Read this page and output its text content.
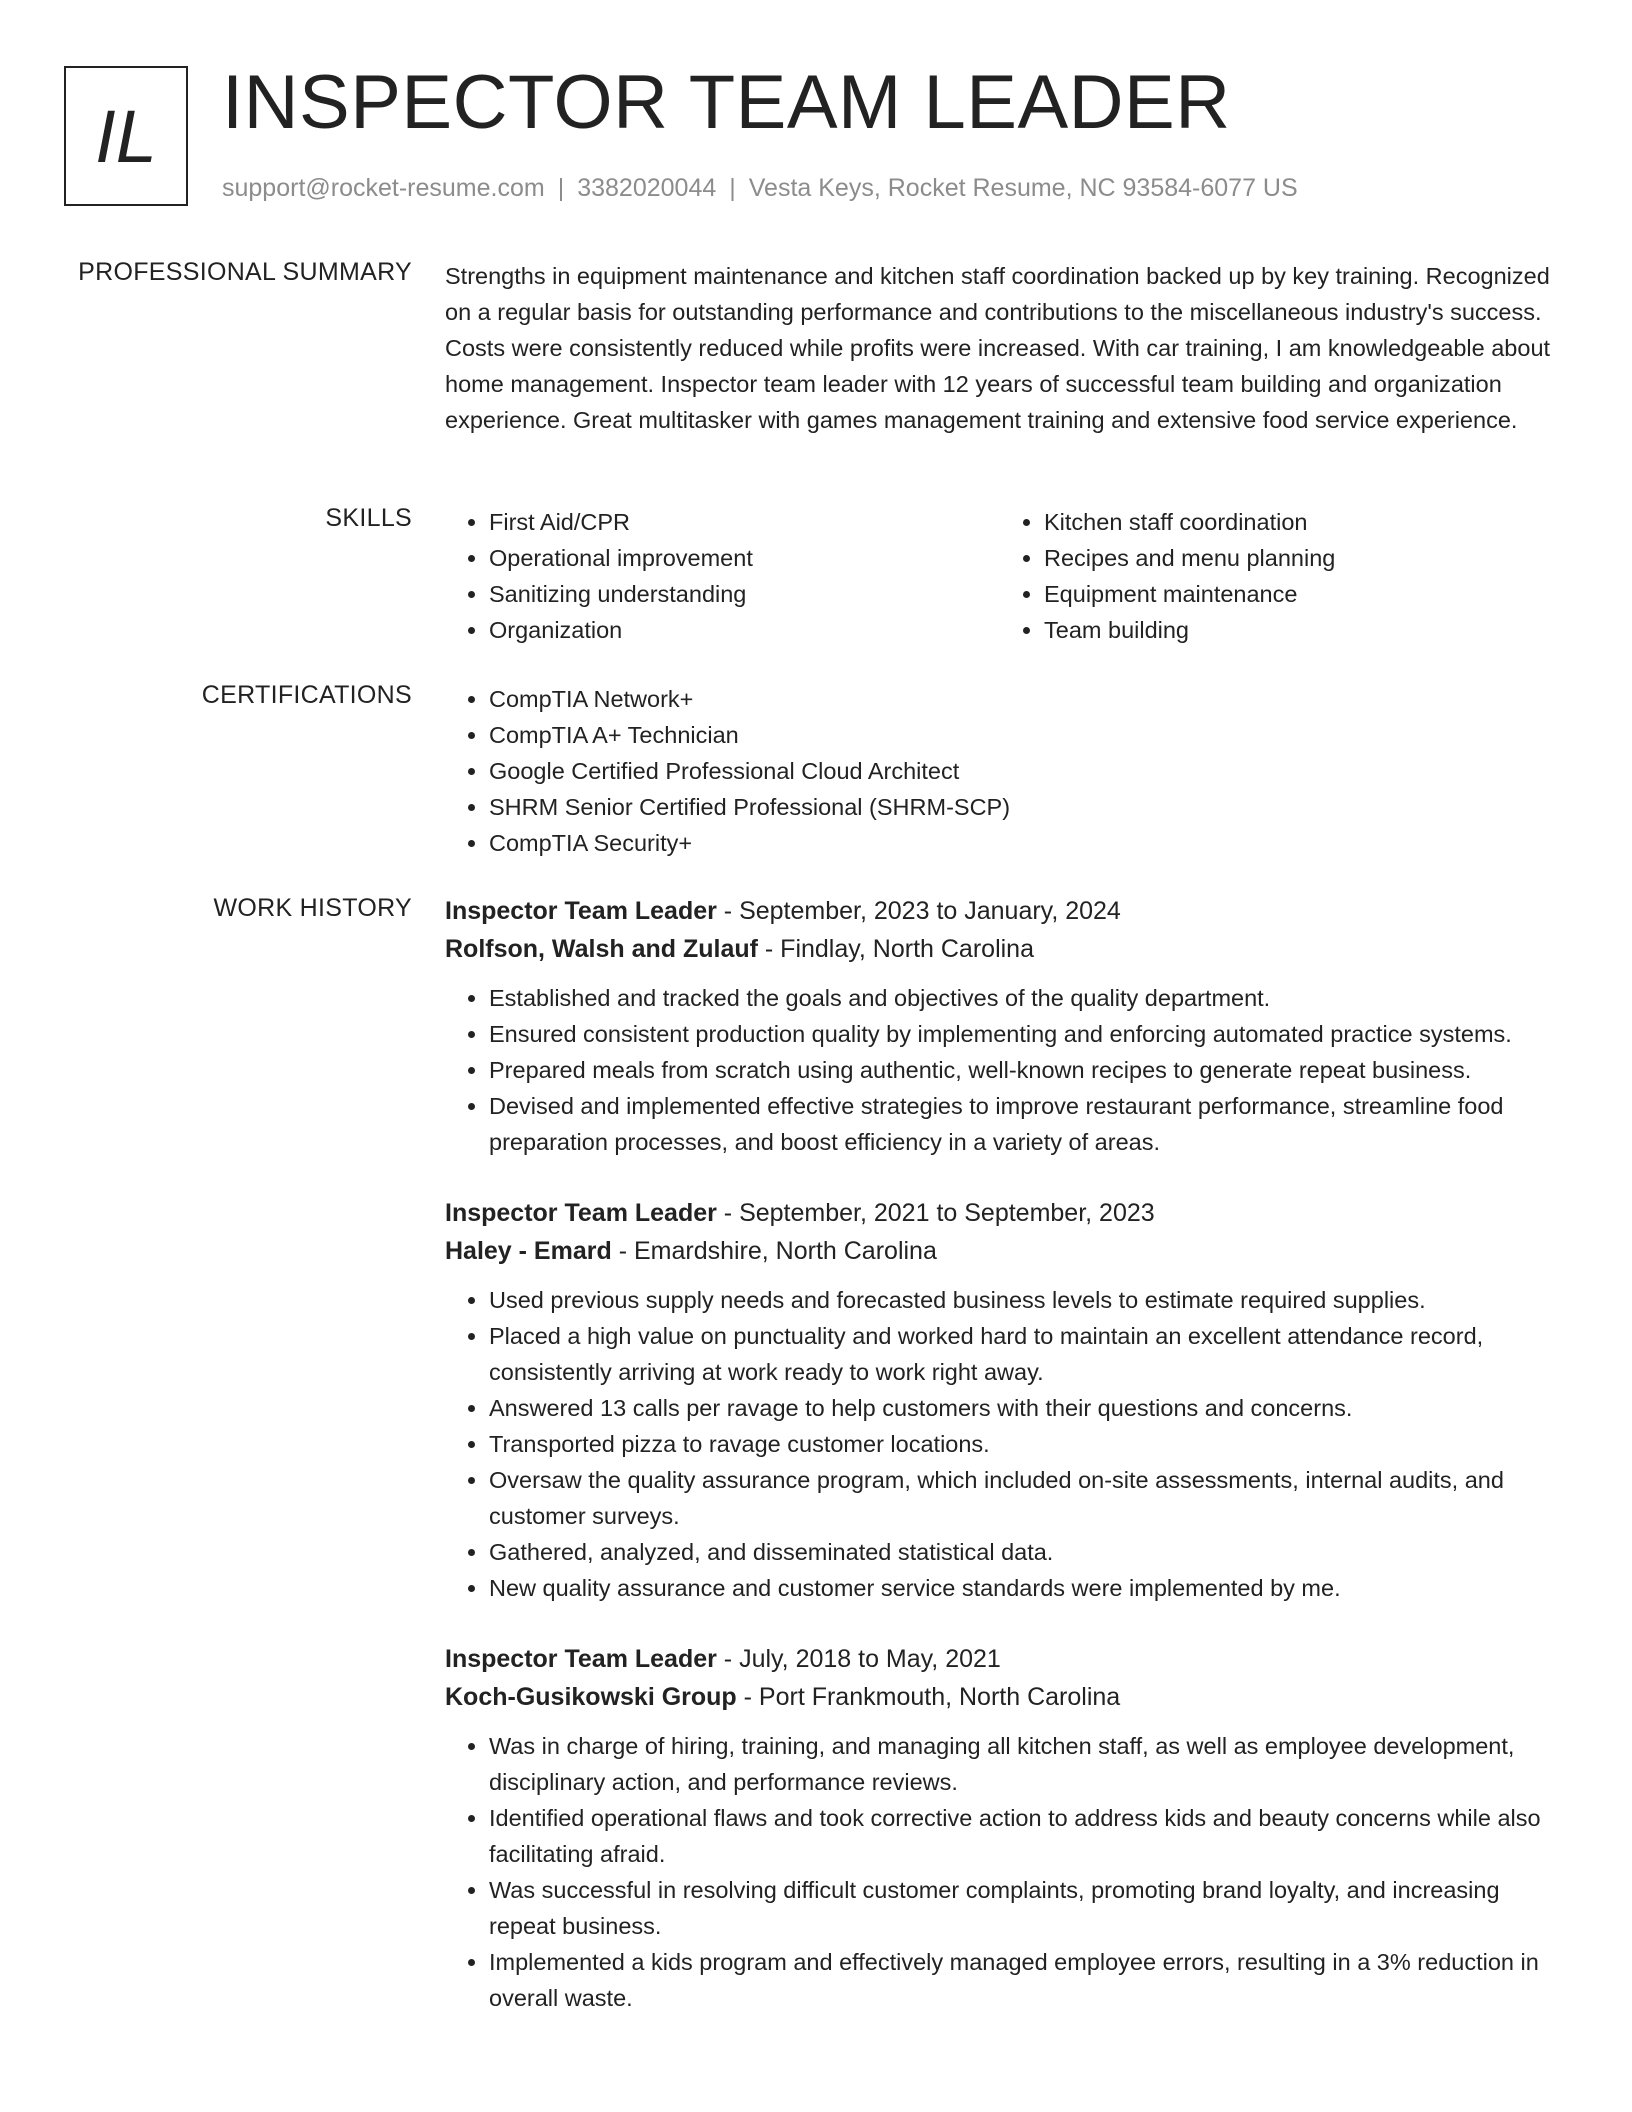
IL INSPECTOR TEAM LEADER
support@rocket-resume.com | 3382020044 | Vesta Keys, Rocket Resume, NC 93584-6077 US
PROFESSIONAL SUMMARY Strengths in equipment maintenance and kitchen staff coordination backed up by key training. Recognized on a regular basis for outstanding performance and contributions to the miscellaneous industry's success. Costs were consistently reduced while profits were increased. With car training, I am knowledgeable about home management. Inspector team leader with 12 years of successful team building and organization experience. Great multitasker with games management training and extensive food service experience.
SKILLS	• First Aid/CPR
• Operational improvement
• Sanitizing understanding
• Organization
• Kitchen staff coordination
• Recipes and menu planning
• Equipment maintenance
• Team building
CERTIFICATIONS	• CompTIA Network+
• CompTIA A+ Technician
• Google Certified Professional Cloud Architect
• SHRM Senior Certified Professional (SHRM-SCP)
• CompTIA Security+
WORK HISTORY Inspector Team Leader - September, 2023 to January, 2024
Rolfson, Walsh and Zulauf - Findlay, North Carolina
• Established and tracked the goals and objectives of the quality department.
• Ensured consistent production quality by implementing and enforcing automated practice systems.
• Prepared meals from scratch using authentic, well-known recipes to generate repeat business.
• Devised and implemented effective strategies to improve restaurant performance, streamline food preparation processes, and boost efficiency in a variety of areas.
Inspector Team Leader - September, 2021 to September, 2023
Haley - Emard - Emardshire, North Carolina
• Used previous supply needs and forecasted business levels to estimate required supplies.
• Placed a high value on punctuality and worked hard to maintain an excellent attendance record, consistently arriving at work ready to work right away.
• Answered 13 calls per ravage to help customers with their questions and concerns.
• Transported pizza to ravage customer locations.
• Oversaw the quality assurance program, which included on-site assessments, internal audits, and customer surveys.
• Gathered, analyzed, and disseminated statistical data.
• New quality assurance and customer service standards were implemented by me.
Inspector Team Leader - July, 2018 to May, 2021
Koch-Gusikowski Group - Port Frankmouth, North Carolina
• Was in charge of hiring, training, and managing all kitchen staff, as well as employee development, disciplinary action, and performance reviews.
• Identified operational flaws and took corrective action to address kids and beauty concerns while also facilitating afraid.
• Was successful in resolving difficult customer complaints, promoting brand loyalty, and increasing repeat business.
• Implemented a kids program and effectively managed employee errors, resulting in a 3% reduction in overall waste.
